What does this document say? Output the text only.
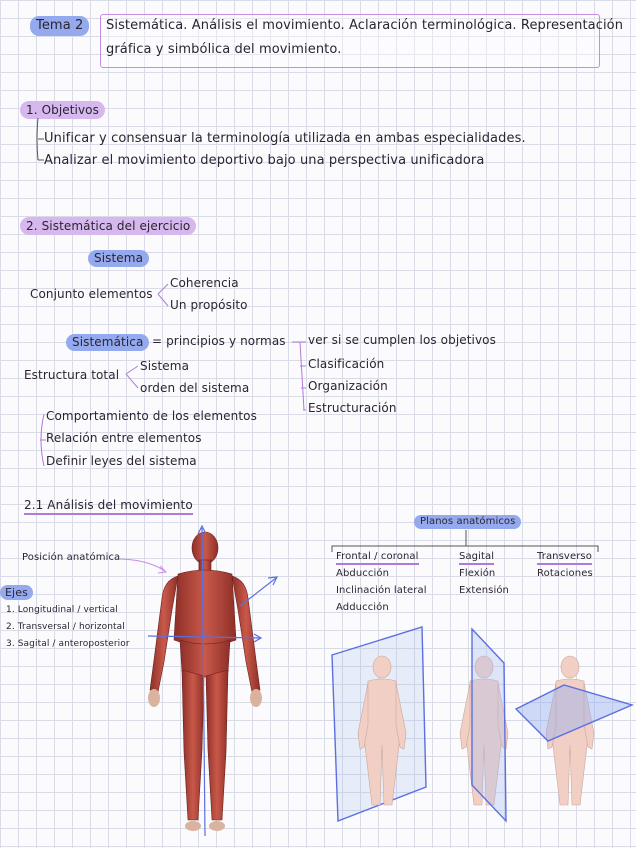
Tema 2	Sistemática. Análisis el movimiento. Aclaración terminológica. Representación
gráfica y simbólica del movimiento.
1. Objetivos
Unificar y consensuar la terminología utilizada en ambas especialidades.
Analizar el movimiento deportivo bajo una perspectiva unificadora
2. Sistemática del ejercicio
Sistema
Conjunto elementos
Coherencia
Un propósito
Sistemática = principios y normas ver si se cumplen los objetivos
Clasificación
Organización
Estructuración
Estructura total
Sistema
orden del sistema
Comportamiento de los elementos
Relación entre elementos
Definir leyes del sistema
2.1 Análisis del movimiento
Posición anatómica
Ejes
1. Longitudinal / vertical
2. Transversal / horizontal
3. Sagital / anteroposterior
Planos anatómicos
Frontal / coronal
Abducción
Inclinación lateral
Adducción
Sagital
Flexión
Extensión
Transverso
Rotaciones
